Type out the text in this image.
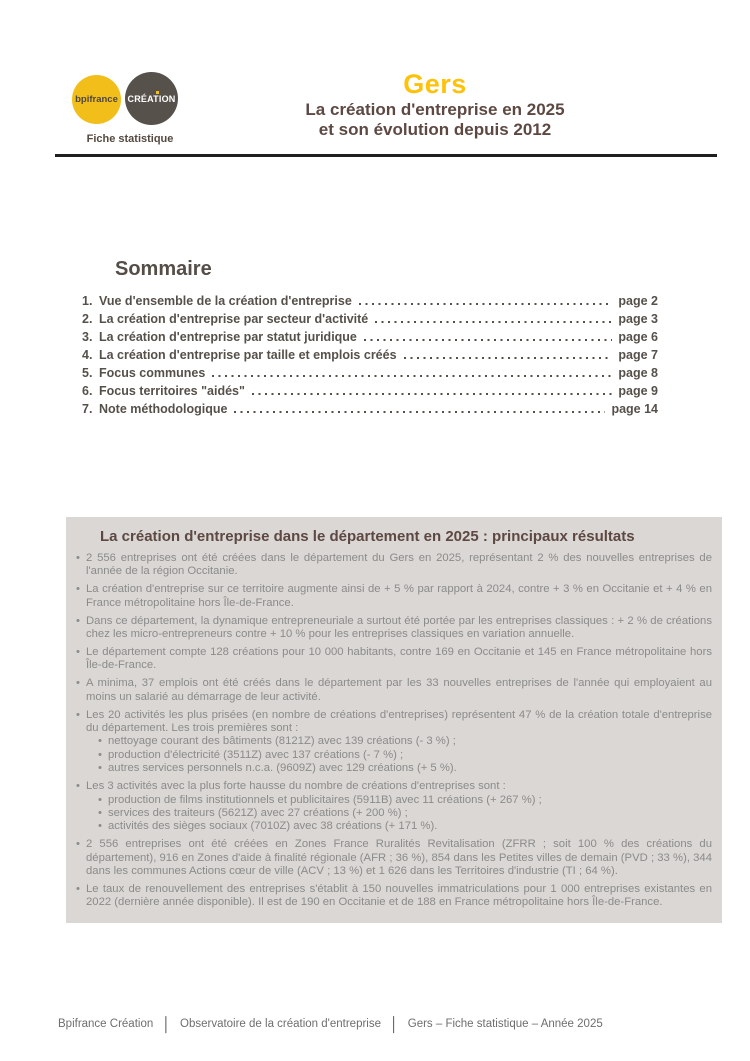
bpifrance CRÉATION
Fiche statistique
Gers
La création d'entreprise en 2025
et son évolution depuis 2012
Sommaire
1. Vue d'ensemble de la création d'entreprise	page 2
2. La création d'entreprise par secteur d'activité	page 3
3. La création d'entreprise par statut juridique	page 6
4. La création d'entreprise par taille et emplois créés	page 7
5. Focus communes	page 8
6. Focus territoires "aidés"	page 9
7. Note méthodologique	page 14
La création d'entreprise dans le département en 2025 : principaux résultats
• 2 556 entreprises ont été créées dans le département du Gers en 2025, représentant 2 % des nouvelles entreprises de l'année de la région Occitanie.
• La création d'entreprise sur ce territoire augmente ainsi de + 5 % par rapport à 2024, contre + 3 % en Occitanie et + 4 % en France métropolitaine hors Île-de-France.
• Dans ce département, la dynamique entrepreneuriale a surtout été portée par les entreprises classiques : + 2 % de créations chez les micro-entrepreneurs contre + 10 % pour les entreprises classiques en variation annuelle.
• Le département compte 128 créations pour 10 000 habitants, contre 169 en Occitanie et 145 en France métropolitaine hors Île-de-France.
• A minima, 37 emplois ont été créés dans le département par les 33 nouvelles entreprises de l'année qui employaient au moins un salarié au démarrage de leur activité.
• Les 20 activités les plus prisées (en nombre de créations d'entreprises) représentent 47 % de la création totale d'entreprise du département. Les trois premières sont :
• nettoyage courant des bâtiments (8121Z) avec 139 créations (- 3 %) ;
• production d'électricité (3511Z) avec 137 créations (- 7 %) ;
• autres services personnels n.c.a. (9609Z) avec 129 créations (+ 5 %).
• Les 3 activités avec la plus forte hausse du nombre de créations d'entreprises sont :
• production de films institutionnels et publicitaires (5911B) avec 11 créations (+ 267 %) ;
• services des traiteurs (5621Z) avec 27 créations (+ 200 %) ;
• activités des sièges sociaux (7010Z) avec 38 créations (+ 171 %).
• 2 556 entreprises ont été créées en Zones France Ruralités Revitalisation (ZFRR ; soit 100 % des créations du département), 916 en Zones d'aide à finalité régionale (AFR ; 36 %), 854 dans les Petites villes de demain (PVD ; 33 %), 344 dans les communes Actions cœur de ville (ACV ; 13 %) et 1 626 dans les Territoires d'industrie (TI ; 64 %).
• Le taux de renouvellement des entreprises s'établit à 150 nouvelles immatriculations pour 1 000 entreprises existantes en 2022 (dernière année disponible). Il est de 190 en Occitanie et de 188 en France métropolitaine hors Île-de-France.
Bpifrance Création │ Observatoire de la création d'entreprise │ Gers – Fiche statistique – Année 2025
